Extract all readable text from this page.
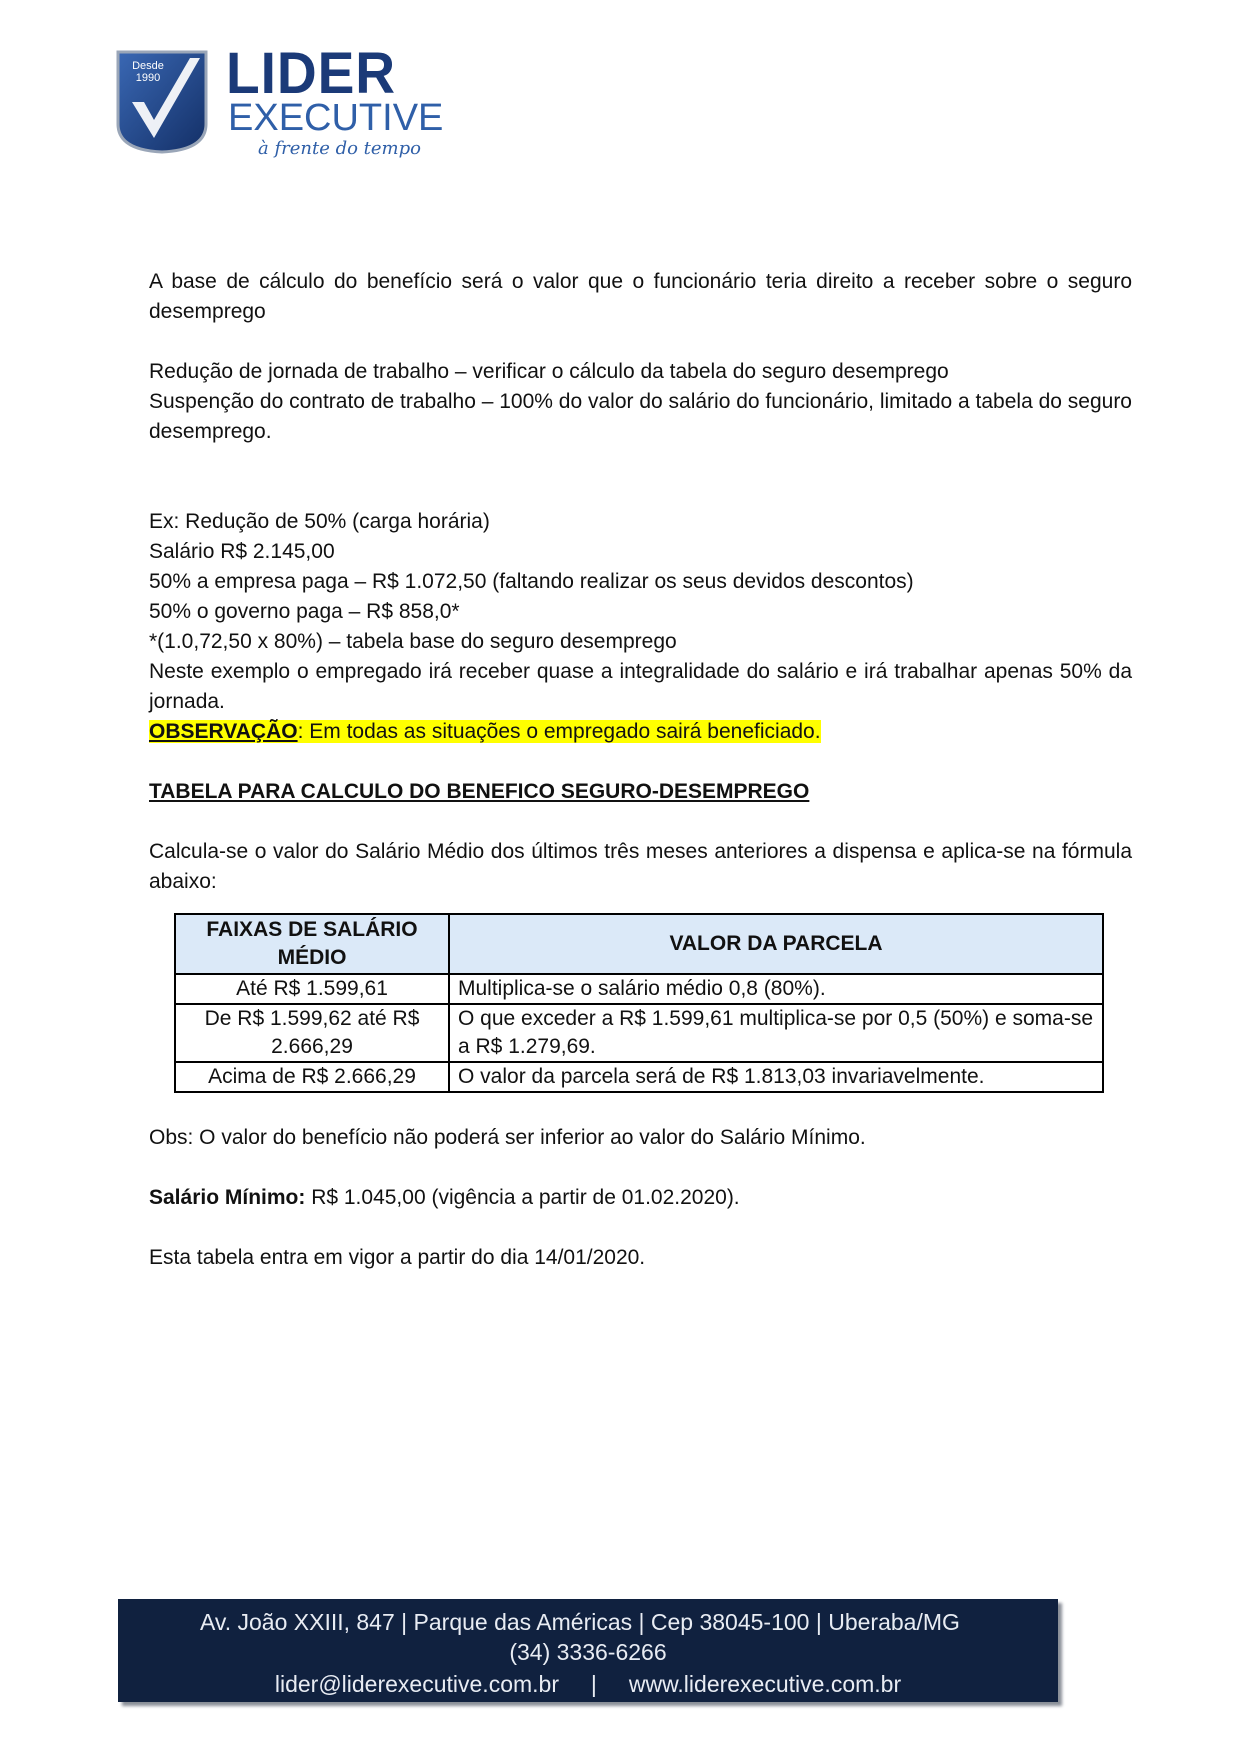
Desde 1990 LIDER
EXECUTIVE
à frente do tempo

A base de cálculo do benefício será o valor que o funcionário teria direito a receber sobre o seguro desemprego

Redução de jornada de trabalho – verificar o cálculo da tabela do seguro desemprego

Suspenção do contrato de trabalho – 100% do valor do salário do funcionário, limitado a tabela do seguro desemprego.

Ex: Redução de 50% (carga horária)

Salário R$ 2.145,00

50% a empresa paga – R$ 1.072,50 (faltando realizar os seus devidos descontos)

50% o governo paga – R$ 858,0*

*(1.0,72,50 x 80%) – tabela base do seguro desemprego

Neste exemplo o empregado irá receber quase a integralidade do salário e irá trabalhar apenas 50% da jornada.

OBSERVAÇÃO: Em todas as situações o empregado sairá beneficiado.

TABELA PARA CALCULO DO BENEFICO SEGURO-DESEMPREGO

Calcula-se o valor do Salário Médio dos últimos três meses anteriores a dispensa e aplica-se na fórmula abaixo:

FAIXAS DE SALÁRIO MÉDIO	VALOR DA PARCELA
Até R$ 1.599,61	Multiplica-se o salário médio 0,8 (80%).
De R$ 1.599,62 até R$ 2.666,29	O que exceder a R$ 1.599,61 multiplica-se por 0,5 (50%) e soma-se a R$ 1.279,69.
Acima de R$ 2.666,29	O valor da parcela será de R$ 1.813,03 invariavelmente.

Obs: O valor do benefício não poderá ser inferior ao valor do Salário Mínimo.

Salário Mínimo: R$ 1.045,00 (vigência a partir de 01.02.2020).

Esta tabela entra em vigor a partir do dia 14/01/2020.

Av. João XXIII, 847 | Parque das Américas | Cep 38045-100 | Uberaba/MG
(34) 3336-6266
lider@liderexecutive.com.br     |     www.liderexecutive.com.br
